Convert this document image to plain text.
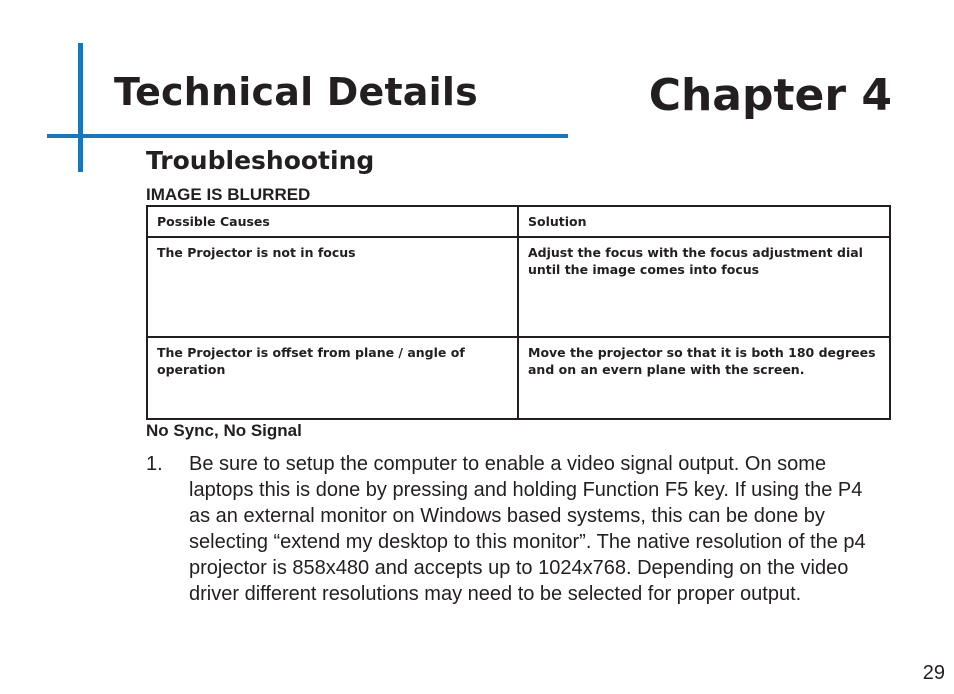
Technical Details	Chapter 4
Troubleshooting
IMAGE IS BLURRED
Possible Causes	Solution
The Projector is not in focus	Adjust the focus with the focus adjustment dial until the image comes into focus
The Projector is offset from plane / angle of operation	Move the projector so that it is both 180 degrees and on an evern plane with the screen.
No Sync, No Signal
1. Be sure to setup the computer to enable a video signal output. On some laptops this is done by pressing and holding Function F5 key. If using the P4 as an external monitor on Windows based systems, this can be done by selecting “extend my desktop to this monitor”. The native resolution of the p4 projector is 858x480 and accepts up to 1024x768. Depending on the video driver different resolutions may need to be selected for proper output.
29
